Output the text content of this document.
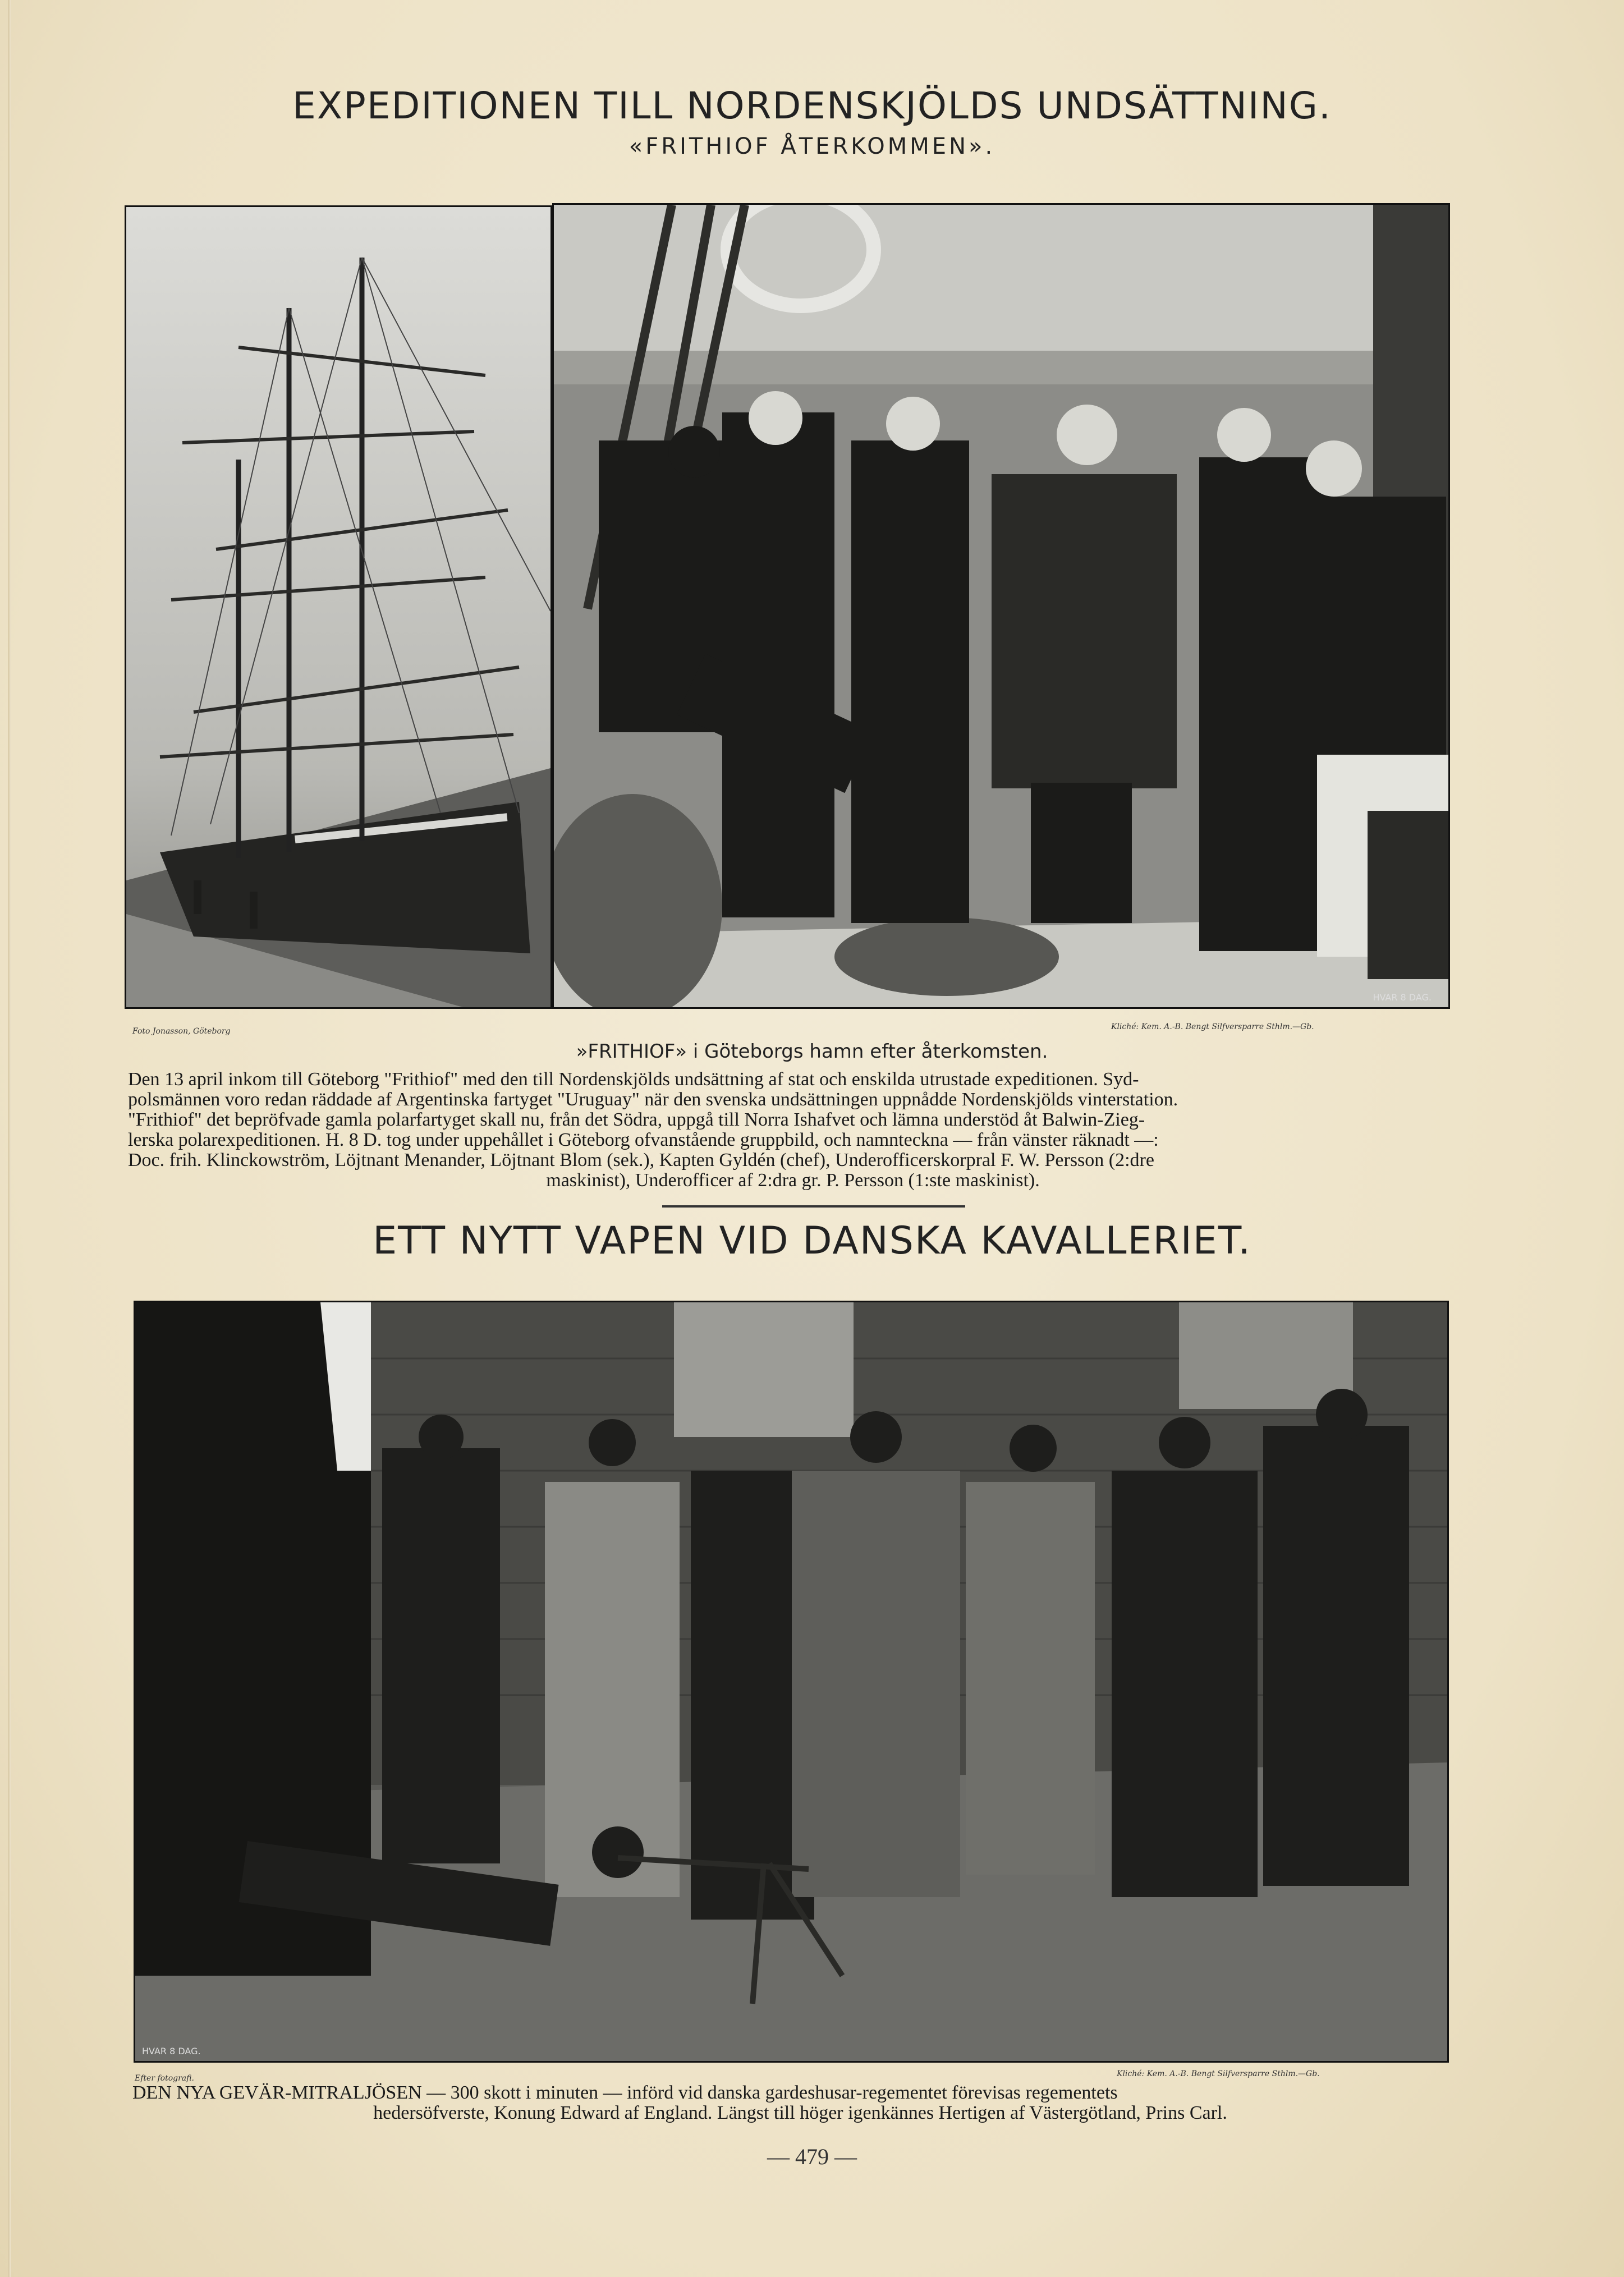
EXPEDITIONEN TILL NORDENSKJÖLDS UNDSÄTTNING.
«FRITHIOF ÅTERKOMMEN».
HVAR 8 DAG.
Foto Jonasson, Göteborg	Kliché: Kem. A.-B. Bengt Silfversparre Sthlm.—Gb.
»FRITHIOF» i Göteborgs hamn efter återkomsten.
Den 13 april inkom till Göteborg "Frithiof" med den till Nordenskjölds undsättning af stat och enskilda utrustade expeditionen. Syd-
polsmännen voro redan räddade af Argentinska fartyget "Uruguay" när den svenska undsättningen uppnådde Nordenskjölds vinterstation.
"Frithiof" det bepröfvade gamla polarfartyget skall nu, från det Södra, uppgå till Norra Ishafvet och lämna understöd åt Balwin-Zieg-
lerska polarexpeditionen. H. 8 D. tog under uppehållet i Göteborg ofvanstående gruppbild, och namnteckna — från vänster räknadt —:
Doc. frih. Klinckowström, Löjtnant Menander, Löjtnant Blom (sek.), Kapten Gyldén (chef), Underofficerskorpral F. W. Persson (2:dre
maskinist), Underofficer af 2:dra gr. P. Persson (1:ste maskinist).
ETT NYTT VAPEN VID DANSKA KAVALLERIET.
HVAR 8 DAG.
Efter fotografi.	Kliché: Kem. A.-B. Bengt Silfversparre Sthlm.—Gb.
DEN NYA GEVÄR-MITRALJÖSEN — 300 skott i minuten — införd vid danska gardeshusar-regementet förevisas regementets
hedersöfverste, Konung Edward af England. Längst till höger igenkännes Hertigen af Västergötland, Prins Carl.
— 479 —
